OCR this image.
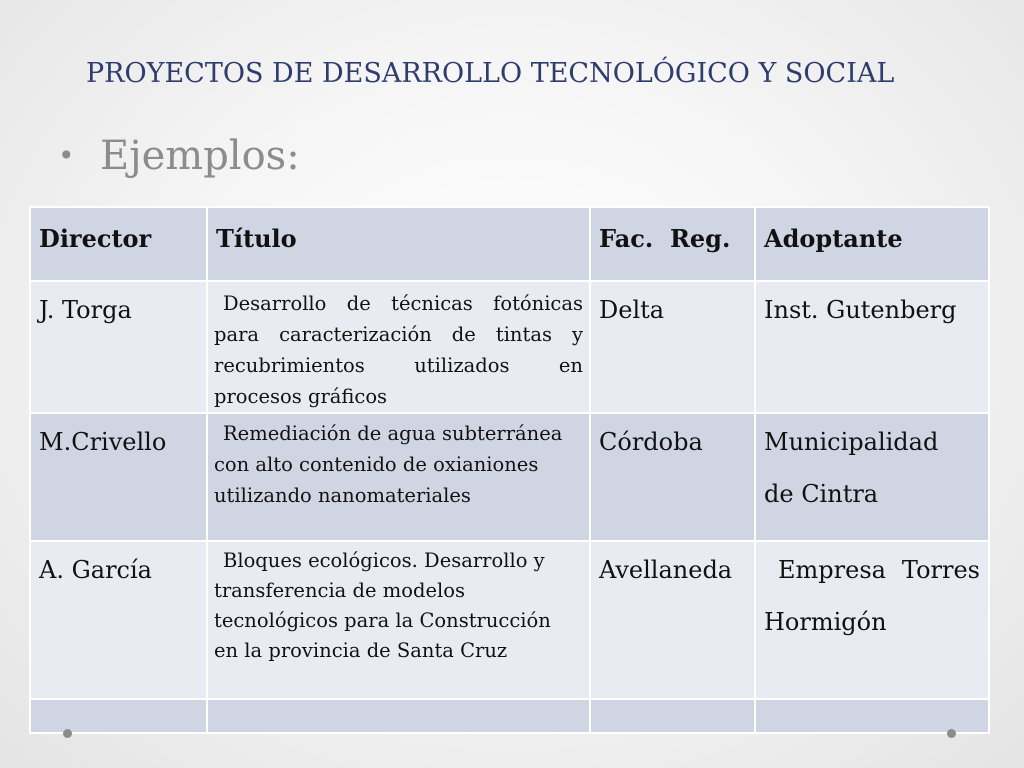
PROYECTOS DE DESARROLLO TECNOLÓGICO Y SOCIAL
• Ejemplos:
Director	Título	Fac.  Reg.	Adoptante

J. Torga	Desarrollo de técnicas fotónicas para caracterización de tintas y recubrimientos utilizados en procesos gráficos	Delta	Inst. Gutenberg

M.Crivello	Remediación de agua subterránea con alto contenido de oxianiones utilizando nanomateriales	Córdoba	Municipalidad de Cintra

A. García	Bloques ecológicos. Desarrollo y transferencia de modelos tecnológicos para la Construcción en la provincia de Santa Cruz	Avellaneda	Empresa Torres Hormigón
